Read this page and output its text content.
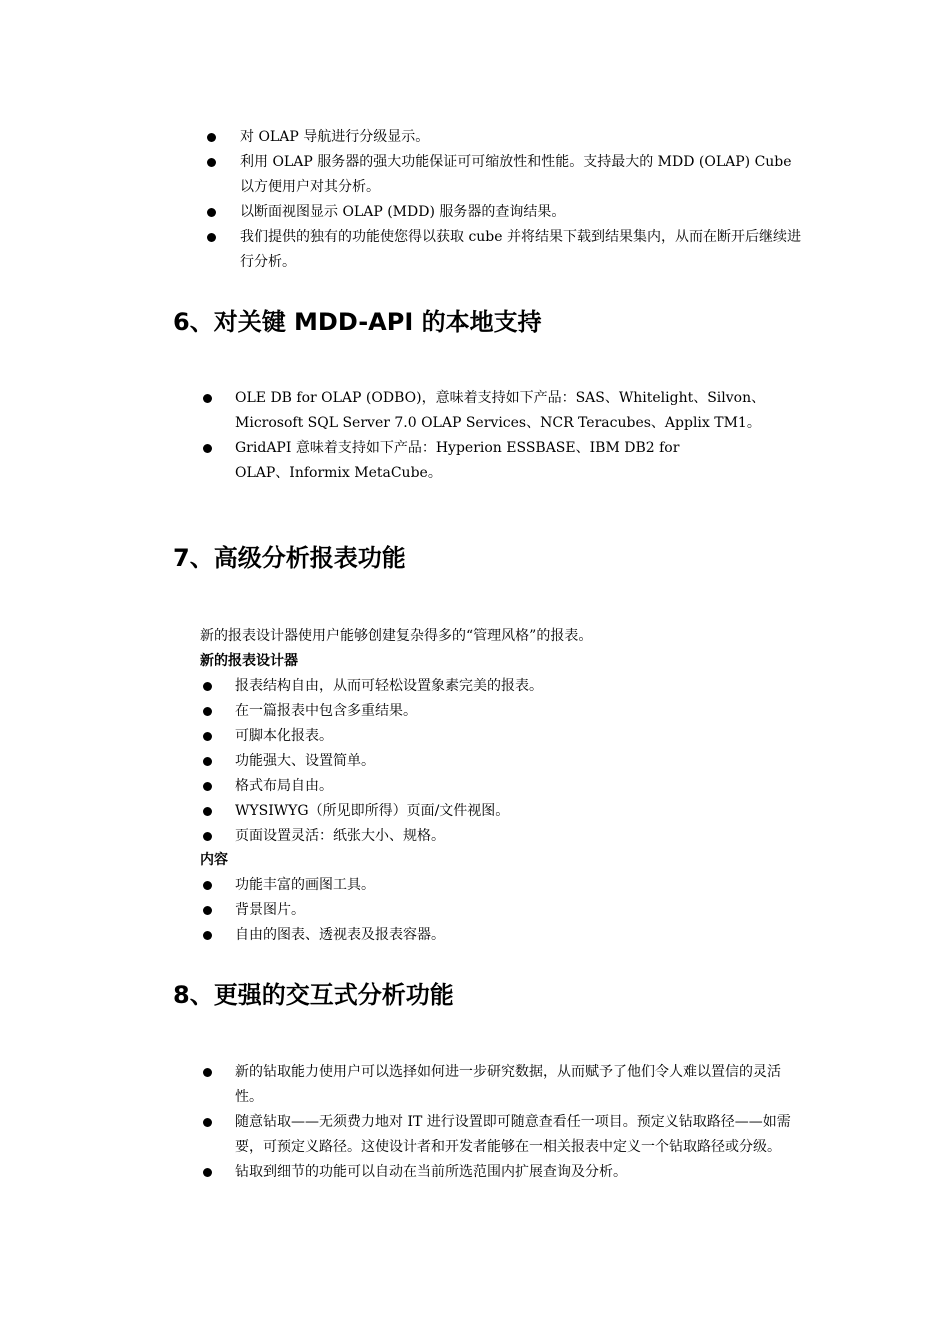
对 OLAP 导航进行分级显示。
利用 OLAP 服务器的强大功能保证可可缩放性和性能。支持最大的 MDD (OLAP) Cube 以方便用户对其分析。
以断面视图显示 OLAP (MDD) 服务器的查询结果。
我们提供的独有的功能使您得以获取 cube 并将结果下载到结果集内，从而在断开后继续进行分析。
6、对关键 MDD-API 的本地支持
OLE DB for OLAP (ODBO)，意味着支持如下产品：SAS、Whitelight、Silvon、Microsoft SQL Server 7.0 OLAP Services、NCR Teracubes、Applix TM1。
GridAPI 意味着支持如下产品：Hyperion ESSBASE、IBM DB2 for OLAP、Informix MetaCube。
7、高级分析报表功能
新的报表设计器使用户能够创建复杂得多的“管理风格”的报表。
新的报表设计器
报表结构自由，从而可轻松设置象素完美的报表。
在一篇报表中包含多重结果。
可脚本化报表。
功能强大、设置简单。
格式布局自由。
WYSIWYG（所见即所得）页面/文件视图。
页面设置灵活：纸张大小、规格。
内容
功能丰富的画图工具。
背景图片。
自由的图表、透视表及报表容器。
8、更强的交互式分析功能
新的钻取能力使用户可以选择如何进一步研究数据，从而赋予了他们令人难以置信的灵活性。
随意钻取——无须费力地对 IT 进行设置即可随意查看任一项目。预定义钻取路径——如需要，可预定义路径。这使设计者和开发者能够在一相关报表中定义一个钻取路径或分级。
钻取到细节的功能可以自动在当前所选范围内扩展查询及分析。
